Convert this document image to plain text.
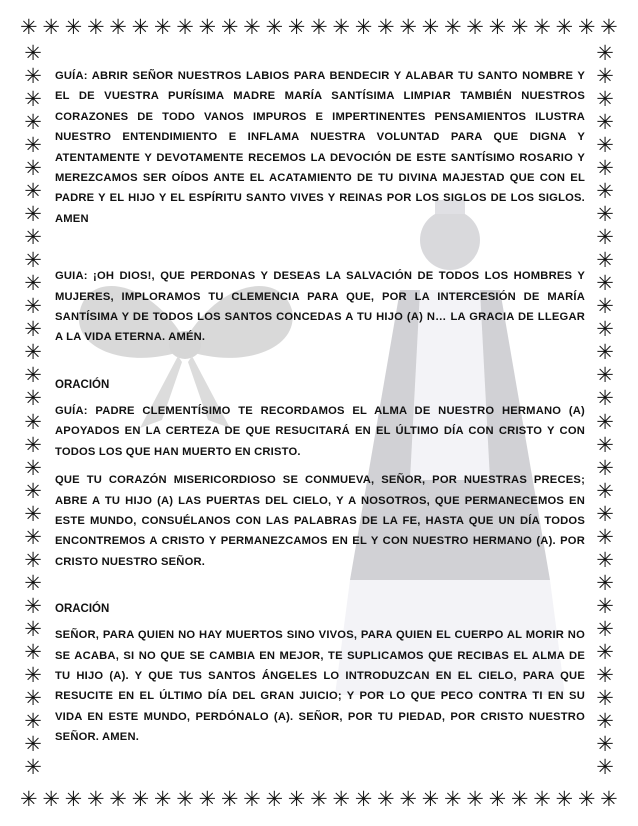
✳ ✳ ✳ ✳ ✳ ✳ ✳ ✳ ✳ ✳ ✳ ✳ ✳ ✳ ✳ ✳ ✳ ✳ ✳ ✳ ✳ ✳ ✳ ✳ ✳ ✳ ✳
✳ ✳ ✳ ✳ ✳ ✳ ✳ ✳ ✳ ✳ ✳ ✳ ✳ ✳ ✳ ✳ ✳ ✳ ✳ ✳ ✳ ✳ ✳ ✳ ✳ ✳ ✳
✳
✳
✳
✳
✳
✳
✳
✳
✳
✳
✳
✳
✳
✳
✳
✳
✳
✳
✳
✳
✳
✳
✳
✳
✳
✳
✳
✳
✳
✳
✳
✳
✳
✳
✳
✳
✳
✳
✳
✳
✳
✳
✳
✳
✳
✳
✳
✳
✳
✳
✳
✳
✳
✳
✳
✳
✳
✳
✳
✳
✳
✳
✳
✳

GUÍA: ABRIR SEÑOR NUESTROS LABIOS PARA BENDECIR Y ALABAR TU SANTO NOMBRE Y EL DE VUESTRA PURÍSIMA MADRE MARÍA SANTÍSIMA LIMPIAR TAMBIÉN NUESTROS CORAZONES DE TODO VANOS IMPUROS E IMPERTINENTES PENSAMIENTOS ILUSTRA NUESTRO ENTENDIMIENTO E INFLAMA NUESTRA VOLUNTAD PARA QUE DIGNA Y ATENTAMENTE Y DEVOTAMENTE RECEMOS LA DEVOCIÓN DE ESTE SANTÍSIMO ROSARIO Y MEREZCAMOS SER OÍDOS ANTE EL ACATAMIENTO DE TU DIVINA MAJESTAD QUE CON EL PADRE Y EL HIJO Y EL ESPÍRITU SANTO VIVES Y REINAS POR LOS SIGLOS DE LOS SIGLOS. AMEN

GUIA: ¡OH DIOS!, QUE PERDONAS Y DESEAS LA SALVACIÓN DE TODOS LOS HOMBRES Y MUJERES, IMPLORAMOS TU CLEMENCIA PARA QUE, POR LA INTERCESIÓN DE MARÍA SANTÍSIMA Y DE TODOS LOS SANTOS CONCEDAS A TU HIJO (A) N… LA GRACIA DE LLEGAR A LA VIDA ETERNA. AMÉN.

ORACIÓN

GUÍA: PADRE CLEMENTÍSIMO TE RECORDAMOS EL ALMA DE NUESTRO HERMANO (A) APOYADOS EN LA CERTEZA DE QUE RESUCITARÁ EN EL ÚLTIMO DÍA CON CRISTO Y CON TODOS LOS QUE HAN MUERTO EN CRISTO.

QUE TU CORAZÓN MISERICORDIOSO SE CONMUEVA, SEÑOR, POR NUESTRAS PRECES; ABRE A TU HIJO (A) LAS PUERTAS DEL CIELO, Y A NOSOTROS, QUE PERMANECEMOS EN ESTE MUNDO, CONSUÉLANOS CON LAS PALABRAS DE LA FE, HASTA QUE UN DÍA TODOS ENCONTREMOS A CRISTO Y PERMANEZCAMOS EN EL Y CON NUESTRO HERMANO (A). POR CRISTO NUESTRO SEÑOR.

ORACIÓN

SEÑOR, PARA QUIEN NO HAY MUERTOS SINO VIVOS, PARA QUIEN EL CUERPO AL MORIR NO SE ACABA, SI NO QUE SE CAMBIA EN MEJOR, TE SUPLICAMOS QUE RECIBAS EL ALMA DE TU HIJO (A). Y QUE TUS SANTOS ÁNGELES LO INTRODUZCAN EN EL CIELO, PARA QUE RESUCITE EN EL ÚLTIMO DÍA DEL GRAN JUICIO; Y POR LO QUE PECO CONTRA TI EN SU VIDA EN ESTE MUNDO, PERDÓNALO (A). SEÑOR, POR TU PIEDAD, POR CRISTO NUESTRO SEÑOR. AMEN.
